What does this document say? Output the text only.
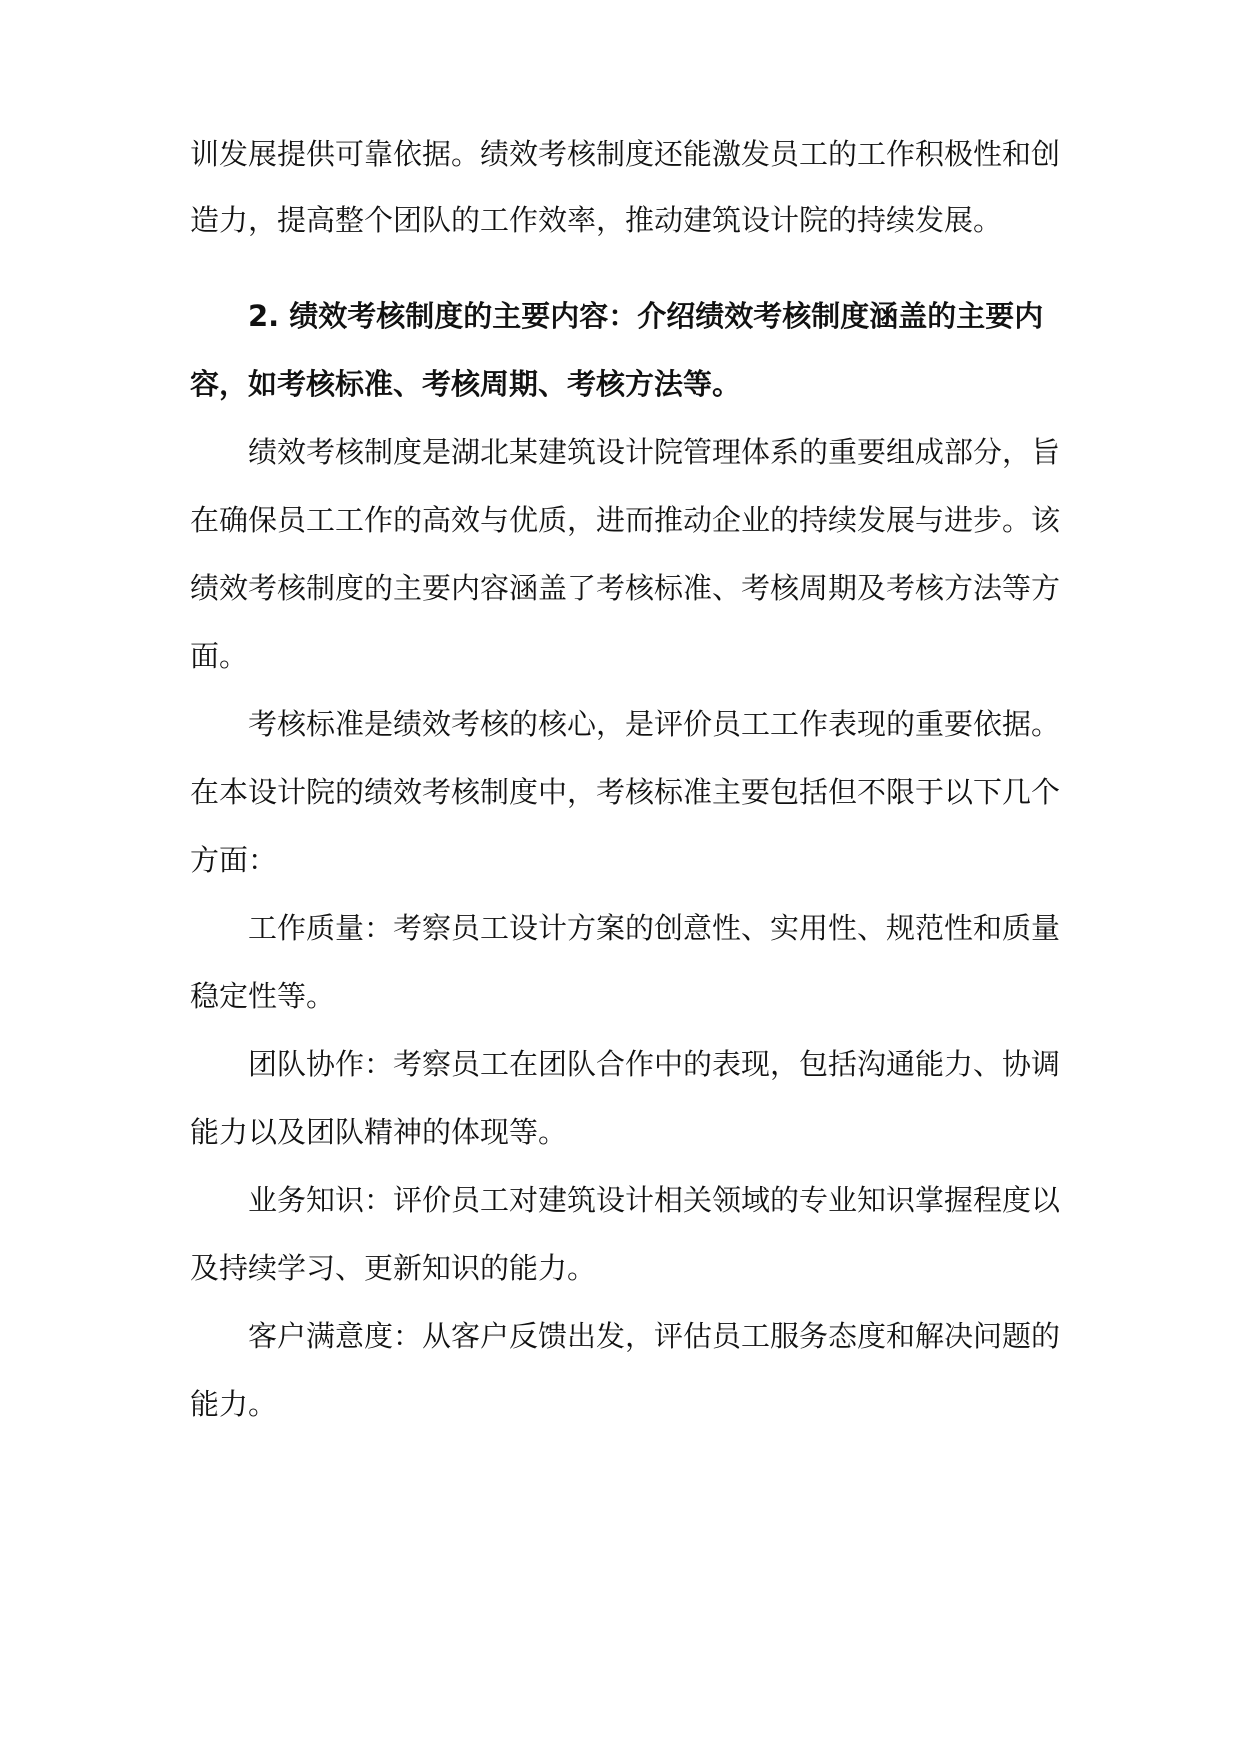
训发展提供可靠依据。绩效考核制度还能激发员工的工作积极性和创
造力，提高整个团队的工作效率，推动建筑设计院的持续发展。
2. 绩效考核制度的主要内容：介绍绩效考核制度涵盖的主要内
容，如考核标准、考核周期、考核方法等。
绩效考核制度是湖北某建筑设计院管理体系的重要组成部分，旨
在确保员工工作的高效与优质，进而推动企业的持续发展与进步。该
绩效考核制度的主要内容涵盖了考核标准、考核周期及考核方法等方
面。
考核标准是绩效考核的核心，是评价员工工作表现的重要依据。
在本设计院的绩效考核制度中，考核标准主要包括但不限于以下几个
方面：
工作质量：考察员工设计方案的创意性、实用性、规范性和质量
稳定性等。
团队协作：考察员工在团队合作中的表现，包括沟通能力、协调
能力以及团队精神的体现等。
业务知识：评价员工对建筑设计相关领域的专业知识掌握程度以
及持续学习、更新知识的能力。
客户满意度：从客户反馈出发，评估员工服务态度和解决问题的
能力。
